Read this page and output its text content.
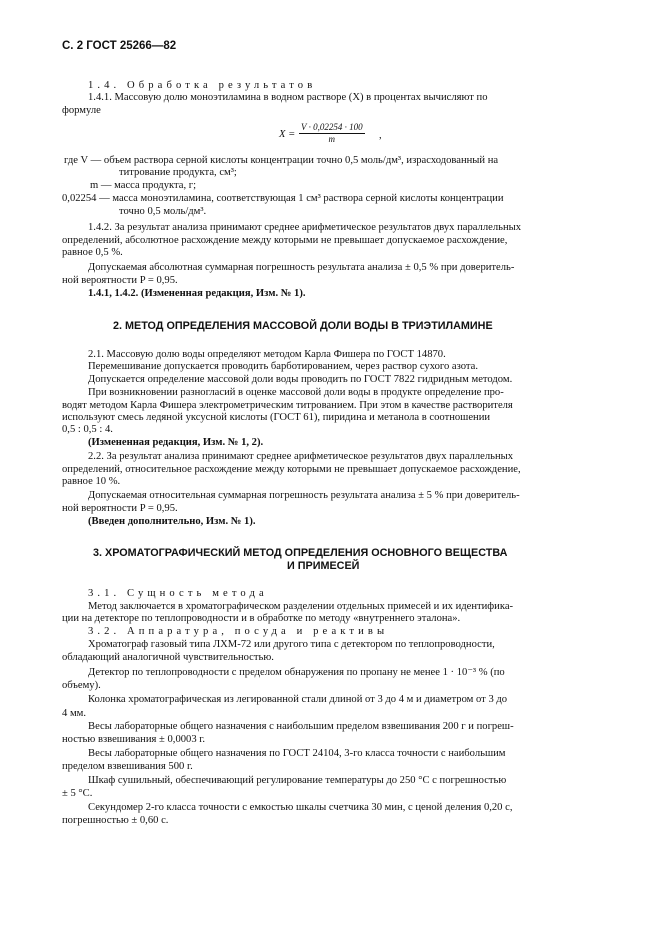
С. 2 ГОСТ 25266—82
1.4. Обработка результатов
1.4.1. Массовую долю моноэтиламина в водном растворе (Х) в процентах вычисляют по
формуле
$X = \frac{V \cdot 0,02254 \cdot 100}{m}$ ,
где V — объем раствора серной кислоты концентрации точно 0,5 моль/дм³, израсходованный на
титрование продукта, см³;
m — масса продукта, г;
0,02254 — масса моноэтиламина, соответствующая 1 см³ раствора серной кислоты концентрации
точно 0,5 моль/дм³.
1.4.2. За результат анализа принимают среднее арифметическое результатов двух параллельных
определений, абсолютное расхождение между которыми не превышает допускаемое расхождение,
равное 0,5 %.
Допускаемая абсолютная суммарная погрешность результата анализа ± 0,5 % при доверитель-
ной вероятности P = 0,95.
1.4.1, 1.4.2. (Измененная редакция, Изм. № 1).
2. МЕТОД ОПРЕДЕЛЕНИЯ МАССОВОЙ ДОЛИ ВОДЫ В ТРИЭТИЛАМИНЕ
2.1. Массовую долю воды определяют методом Карла Фишера по ГОСТ 14870.
Перемешивание допускается проводить барботированием, через раствор сухого азота.
Допускается определение массовой доли воды проводить по ГОСТ 7822 гидридным методом.
При возникновении разногласий в оценке массовой доли воды в продукте определение про-
водят методом Карла Фишера электрометрическим титрованием. При этом в качестве растворителя
используют смесь ледяной уксусной кислоты (ГОСТ 61), пиридина и метанола в соотношении
0,5 : 0,5 : 4.
(Измененная редакция, Изм. № 1, 2).
2.2. За результат анализа принимают среднее арифметическое результатов двух параллельных
определений, относительное расхождение между которыми не превышает допускаемое расхождение,
равное 10 %.
Допускаемая относительная суммарная погрешность результата анализа ± 5 % при доверитель-
ной вероятности P = 0,95.
(Введен дополнительно, Изм. № 1).
3. ХРОМАТОГРАФИЧЕСКИЙ МЕТОД ОПРЕДЕЛЕНИЯ ОСНОВНОГО ВЕЩЕСТВА
И ПРИМЕСЕЙ
3.1. Сущность метода
Метод заключается в хроматографическом разделении отдельных примесей и их идентифика-
ции на детекторе по теплопроводности и в обработке по методу «внутреннего эталона».
3.2. Аппаратура, посуда и реактивы
Хроматограф газовый типа ЛХМ-72 или другого типа с детектором по теплопроводности,
обладающий аналогичной чувствительностью.
Детектор по теплопроводности с пределом обнаружения по пропану не менее 1 · 10⁻³ % (по
объему).
Колонка хроматографическая из легированной стали длиной от 3 до 4 м и диаметром от 3 до
4 мм.
Весы лабораторные общего назначения с наибольшим пределом взвешивания 200 г и погреш-
ностью взвешивания ± 0,0003 г.
Весы лабораторные общего назначения по ГОСТ 24104, 3-го класса точности с наибольшим
пределом взвешивания 500 г.
Шкаф сушильный, обеспечивающий регулирование температуры до 250 °С с погрешностью
± 5 °С.
Секундомер 2-го класса точности с емкостью шкалы счетчика 30 мин, с ценой деления 0,20 с,
погрешностью ± 0,60 с.
